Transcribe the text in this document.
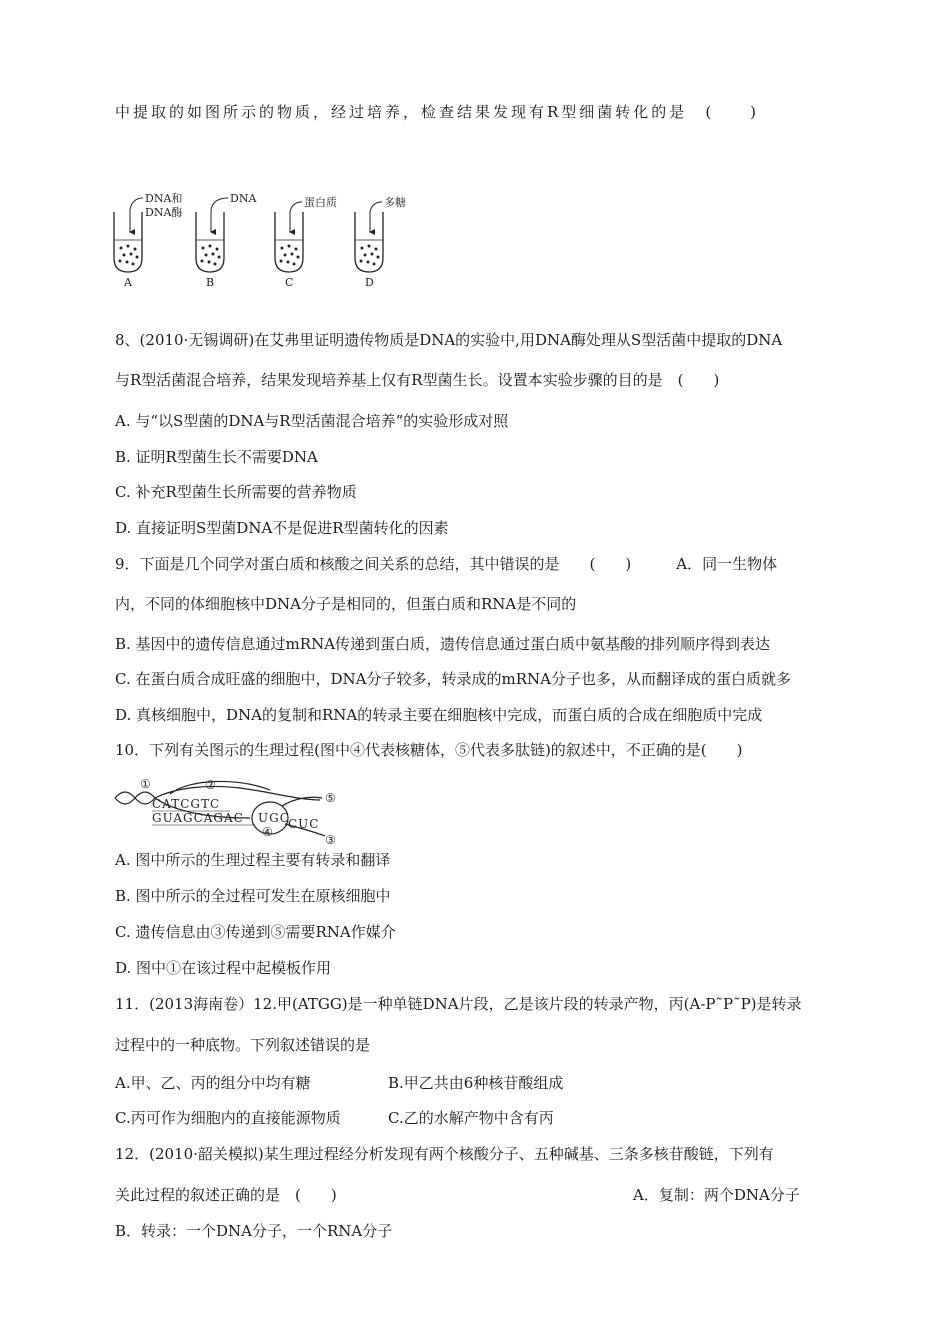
中提取的如图所示的物质，经过培养，检查结果发现有R型细菌转化的是 (　　)
DNA和
DNA酶
A
DNA
B
蛋白质
C
多糖
D
8、(2010·无锡调研)在艾弗里证明遗传物质是DNA的实验中,用DNA酶处理从S型活菌中提取的DNA
与R型活菌混合培养，结果发现培养基上仅有R型菌生长。设置本实验步骤的目的是　(　　)
A. 与“以S型菌的DNA与R型活菌混合培养”的实验形成对照
B. 证明R型菌生长不需要DNA
C. 补充R型菌生长所需要的营养物质
D. 直接证明S型菌DNA不是促进R型菌转化的因素
9．下面是几个同学对蛋白质和核酸之间关系的总结，其中错误的是　　(　　)　　　A．同一生物体
内，不同的体细胞核中DNA分子是相同的，但蛋白质和RNA是不同的
B. 基因中的遗传信息通过mRNA传递到蛋白质，遗传信息通过蛋白质中氨基酸的排列顺序得到表达
C. 在蛋白质合成旺盛的细胞中，DNA分子较多，转录成的mRNA分子也多，从而翻译成的蛋白质就多
D. 真核细胞中，DNA的复制和RNA的转录主要在细胞核中完成，而蛋白质的合成在细胞质中完成
10．下列有关图示的生理过程(图中④代表核糖体，⑤代表多肽链)的叙述中，不正确的是(　　)
①	②
CATCGTC
GUAGCAGAC UGC
CUC
④
⑤
③
A. 图中所示的生理过程主要有转录和翻译
B. 图中所示的全过程可发生在原核细胞中
C. 遗传信息由③传递到⑤需要RNA作媒介
D. 图中①在该过程中起模板作用
11．(2013海南卷）12.甲(ATGG)是一种单链DNA片段，乙是该片段的转录产物，丙(A-P˜P˜P)是转录
过程中的一种底物。下列叙述错误的是
A.甲、乙、丙的组分中均有糖	B.甲乙共由6种核苷酸组成
C.丙可作为细胞内的直接能源物质	C.乙的水解产物中含有丙
12．(2010·韶关模拟)某生理过程经分析发现有两个核酸分子、五种碱基、三条多核苷酸链，下列有
关此过程的叙述正确的是　(　　)	A．复制：两个DNA分子
B．转录：一个DNA分子，一个RNA分子
